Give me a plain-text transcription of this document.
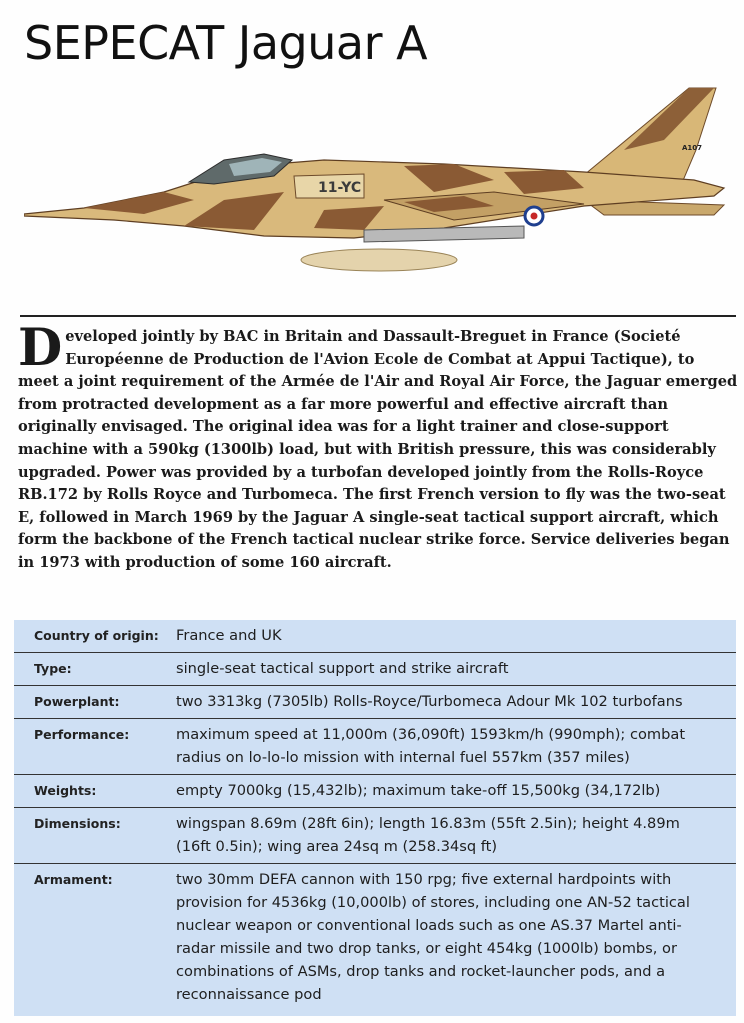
SEPECAT Jaguar A
11-YC
A107

Developed jointly by BAC in Britain and Dassault-Breguet in France (Societé Européenne de Production de l'Avion Ecole de Combat at Appui Tactique), to meet a joint requirement of the Armée de l'Air and Royal Air Force, the Jaguar emerged from protracted development as a far more powerful and effective aircraft than originally envisaged. The original idea was for a light trainer and close-support machine with a 590kg (1300lb) load, but with British pressure, this was considerably upgraded. Power was provided by a turbofan developed jointly from the Rolls-Royce RB.172 by Rolls Royce and Turbomeca. The first French version to fly was the two-seat E, followed in March 1969 by the Jaguar A single-seat tactical support aircraft, which form the backbone of the French tactical nuclear strike force. Service deliveries began in 1973 with production of some 160 aircraft.

Country of origin:	France and UK
Type:	single-seat tactical support and strike aircraft
Powerplant:	two 3313kg (7305lb) Rolls-Royce/Turbomeca Adour Mk 102 turbofans
Performance:	maximum speed at 11,000m (36,090ft) 1593km/h (990mph); combat radius on lo-lo-lo mission with internal fuel 557km (357 miles)
Weights:	empty 7000kg (15,432lb); maximum take-off 15,500kg (34,172lb)
Dimensions:	wingspan 8.69m (28ft 6in); length 16.83m (55ft 2.5in); height 4.89m (16ft 0.5in); wing area 24sq m (258.34sq ft)
Armament:	two 30mm DEFA cannon with 150 rpg; five external hardpoints with provision for 4536kg (10,000lb) of stores, including one AN-52 tactical nuclear weapon or conventional loads such as one AS.37 Martel anti-radar missile and two drop tanks, or eight 454kg (1000lb) bombs, or combinations of ASMs, drop tanks and rocket-launcher pods, and a reconnaissance pod
